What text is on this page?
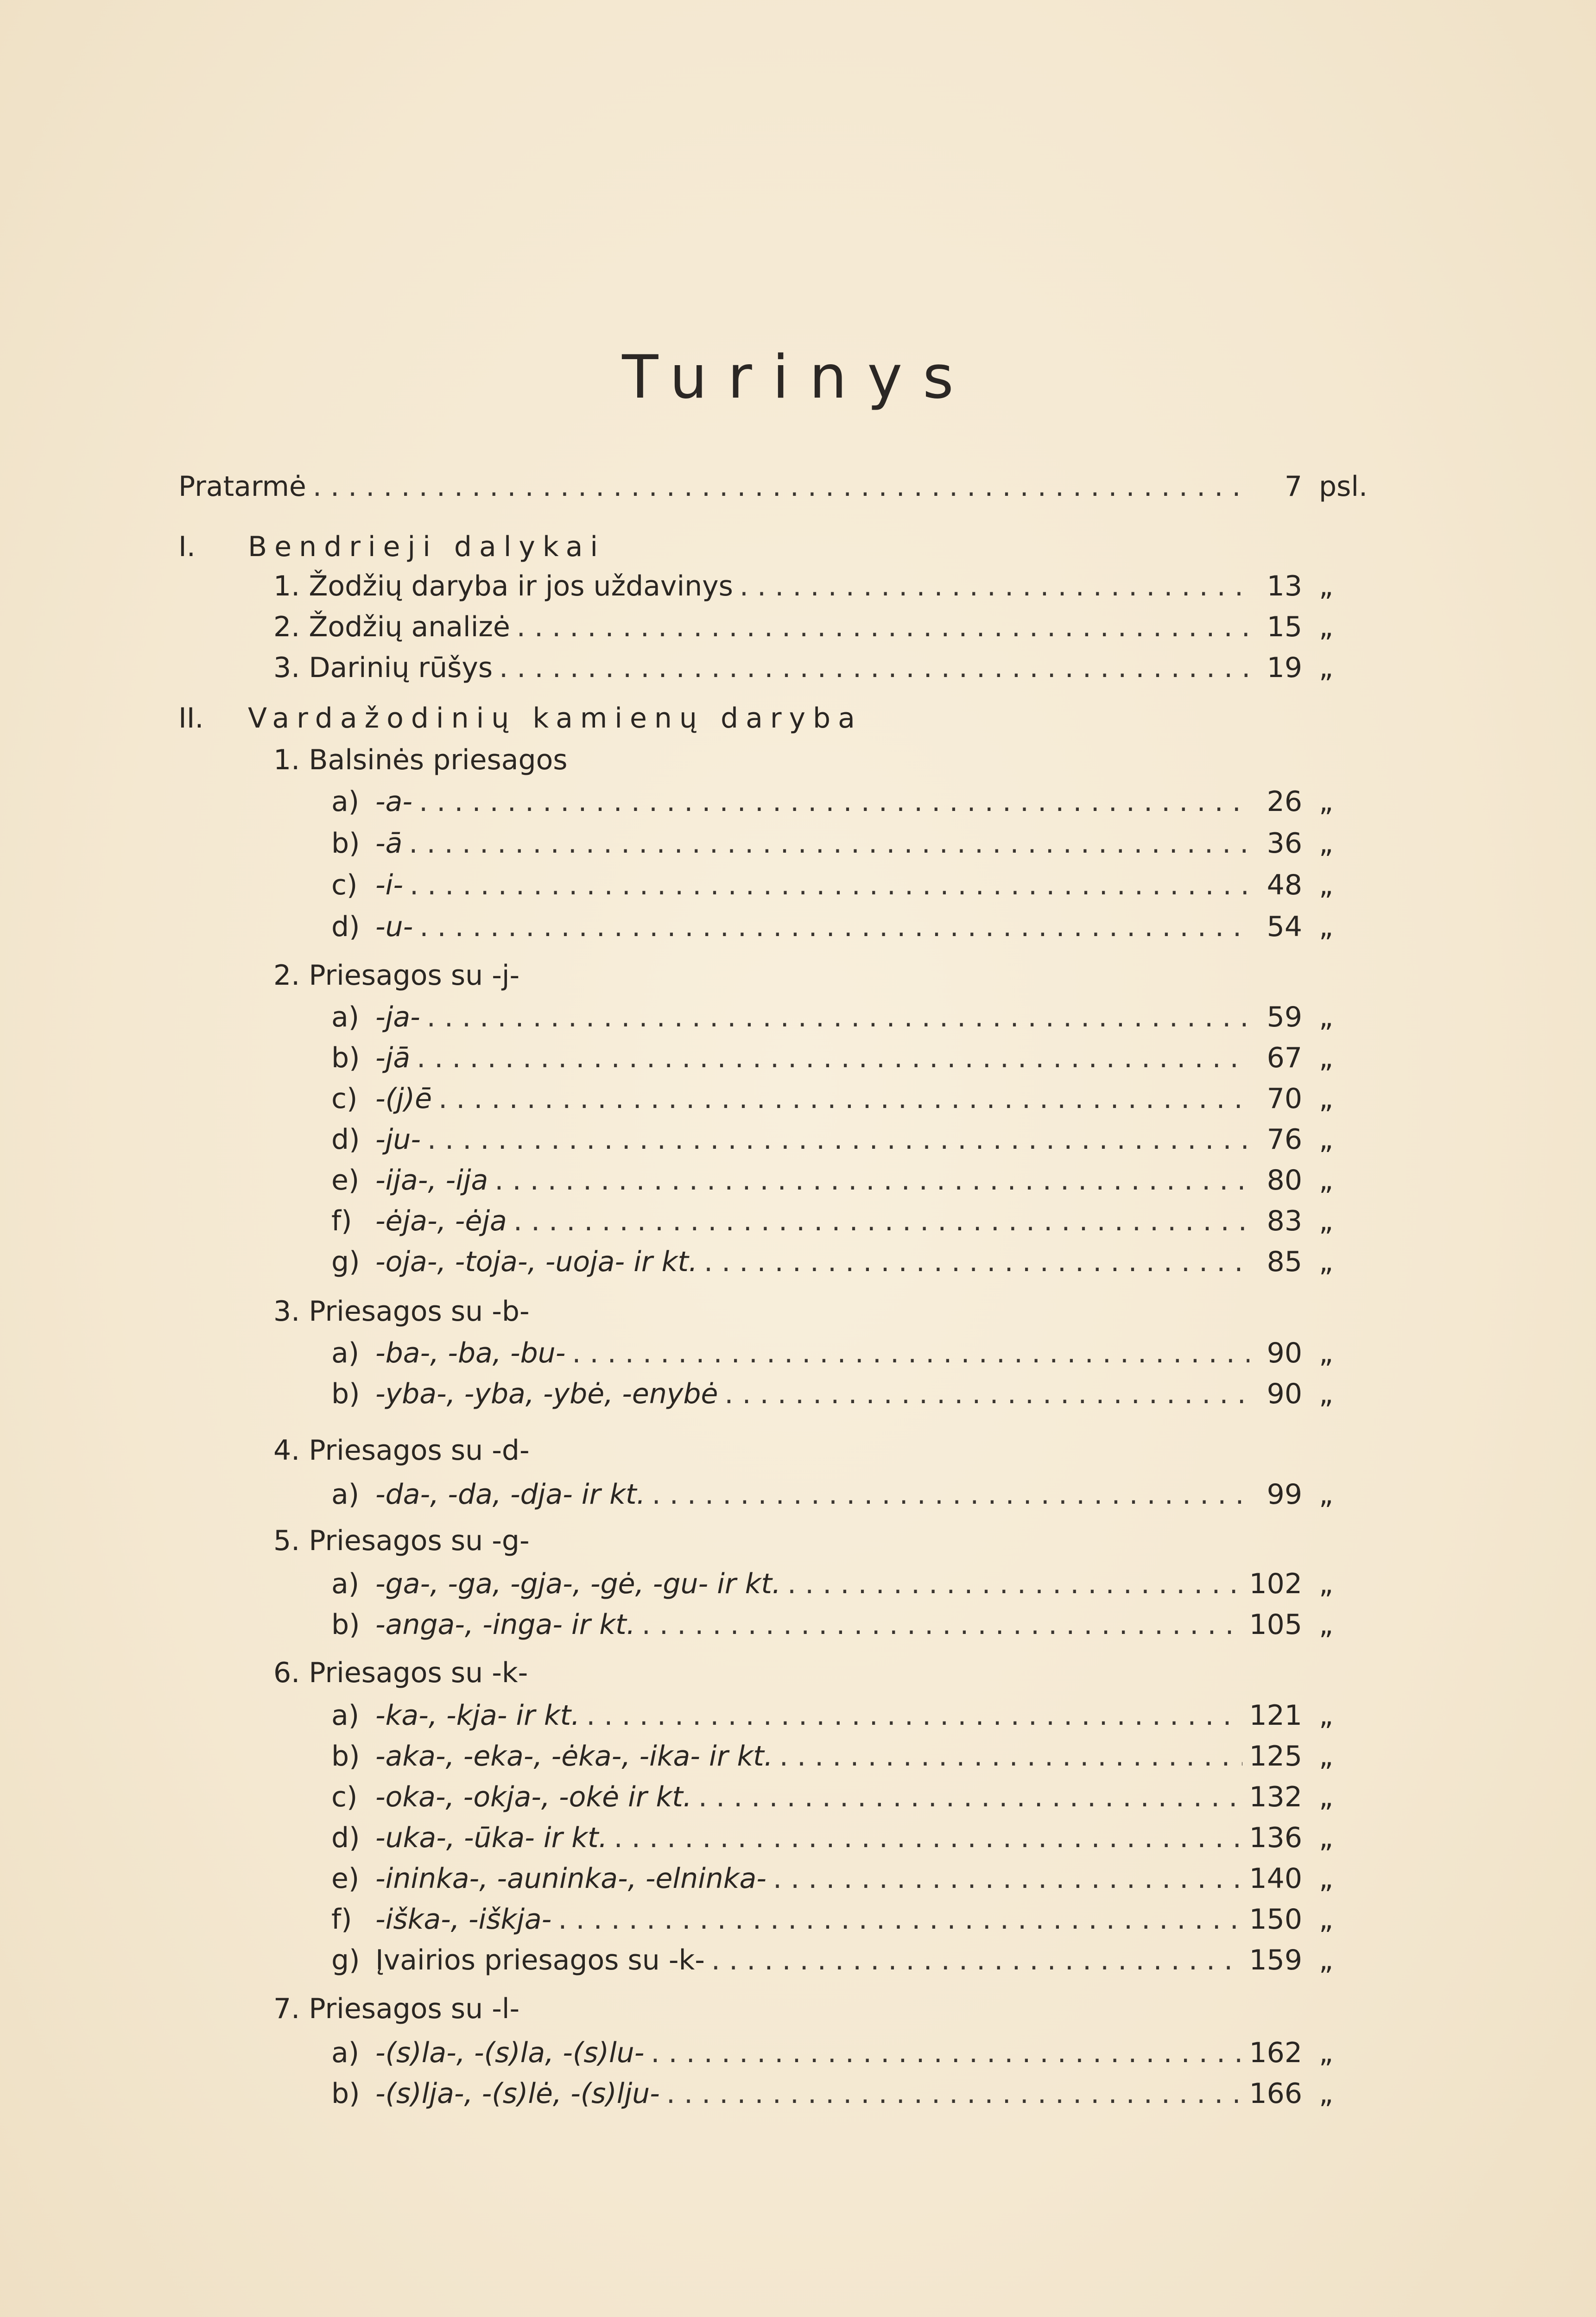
Turinys
Pratarmė . . .	7 psl.
I. Bendrieji dalykai
1. Žodžių daryba ir jos uždavinys . . .	13 „
2. Žodžių analizė . . .	15 „
3. Darinių rūšys . . .	19 „
II. Vardažodinių kamienų daryba
1. Balsinės priesagos
a) -a- . . .	26 „
b) -ā . . .	36 „
c) -i- . . .	48 „
d) -u- . . .	54 „
2. Priesagos su -j-
a) -ja- . . .	59 „
b) -jā . . .	67 „
c) -(j)ē . . .	70 „
d) -ju- . . .	76 „
e) -ija-, -ija . . .	80 „
f) -ėja-, -ėja . . .	83 „
g) -oja-, -toja-, -uoja- ir kt. . . .	85 „
3. Priesagos su -b-
a) -ba-, -ba, -bu- . . .	90 „
b) -yba-, -yba, -ybė, -enybė . . .	90 „
4. Priesagos su -d-
a) -da-, -da, -dja- ir kt. . . .	99 „
5. Priesagos su -g-
a) -ga-, -ga, -gja-, -gė, -gu- ir kt. . . .	102 „
b) -anga-, -inga- ir kt. . . .	105 „
6. Priesagos su -k-
a) -ka-, -kja- ir kt. . . .	121 „
b) -aka-, -eka-, -ėka-, -ika- ir kt. . . .	125 „
c) -oka-, -okja-, -okė ir kt. . . .	132 „
d) -uka-, -ūka- ir kt. . . .	136 „
e) -ininka-, -auninka-, -elninka- . . .	140 „
f) -iška-, -iškja- . . .	150 „
g) Įvairios priesagos su -k- . . .	159 „
7. Priesagos su -l-
a) -(s)la-, -(s)la, -(s)lu- . . .	162 „
b) -(s)lja-, -(s)lė, -(s)lju- . . .	166 „
